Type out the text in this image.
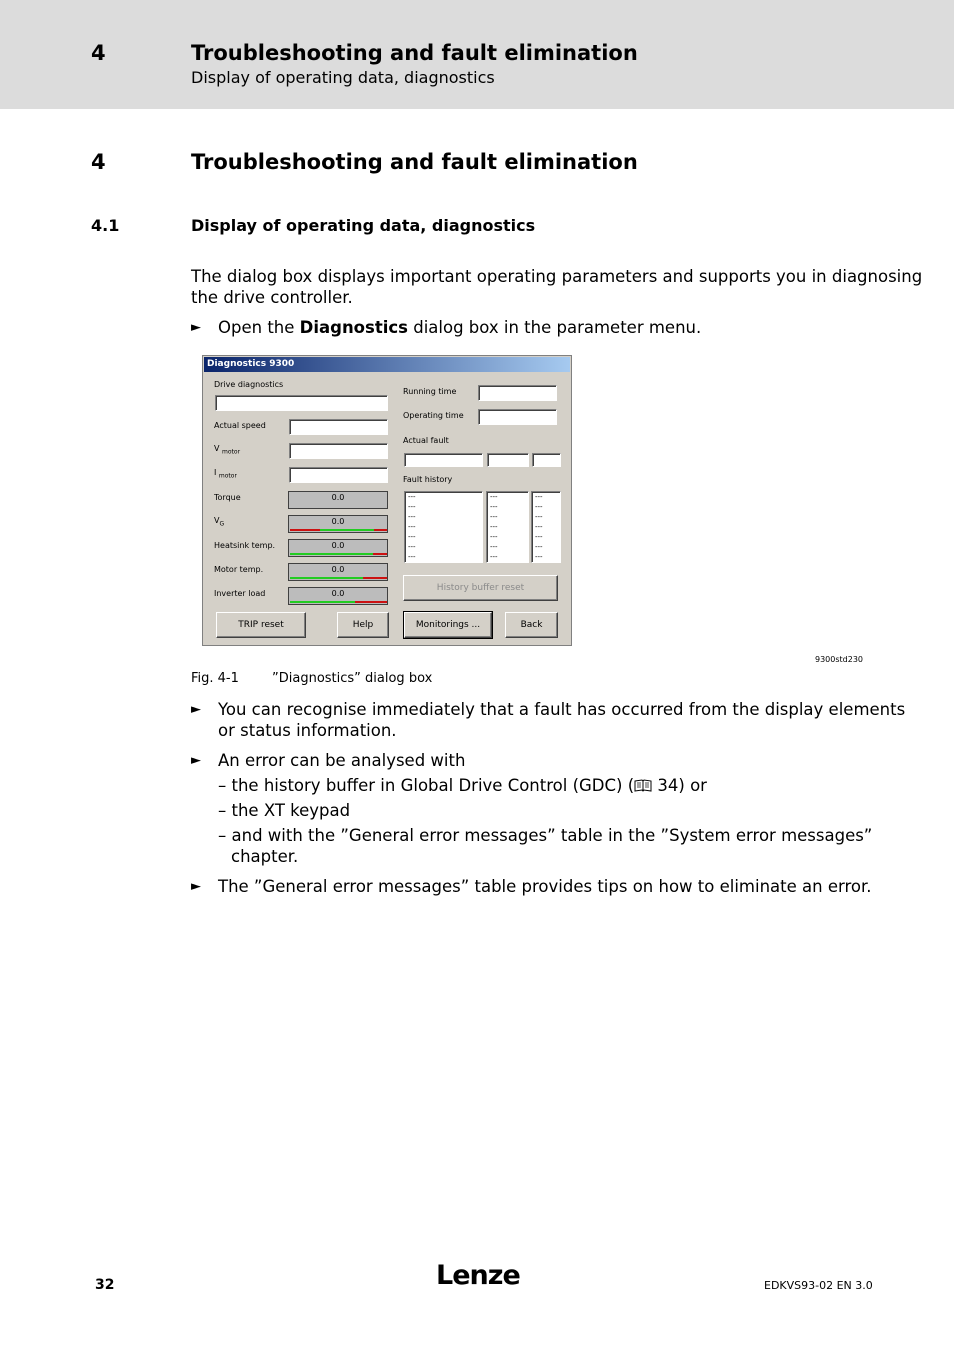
4	Troubleshooting and fault elimination
Display of operating data, diagnostics
4	Troubleshooting and fault elimination
4.1	Display of operating data, diagnostics
The dialog box displays important operating parameters and supports you in diagnosing
the drive controller.
► Open the Diagnostics dialog box in the parameter menu.
Diagnostics 9300
Drive diagnostics
Actual speed
V $_{motor}$
I $_{motor}$
Torque	0.0
$V_G$	0.0
Heatsink temp.	0.0
Motor temp.	0.0
Inverter load	0.0
Running time
Operating time
Actual fault
Fault history
---
---
---
---
---
---
---
---
---
---
---
---
---
---
---
---
---
---
---
---
---
History buffer reset
TRIP reset	Help	Monitorings ...	Back
9300std230
Fig. 4-1	”Diagnostics” dialog box
► You can recognise immediately that a fault has occurred from the display elements
or status information.
► An error can be analysed with
– the history buffer in Global Drive Control (GDC) ( 34) or
– the XT keypad
– and with the ”General error messages” table in the ”System error messages”
chapter.
► The ”General error messages” table provides tips on how to eliminate an error.
32	Lenze	EDKVS93-02 EN 3.0
